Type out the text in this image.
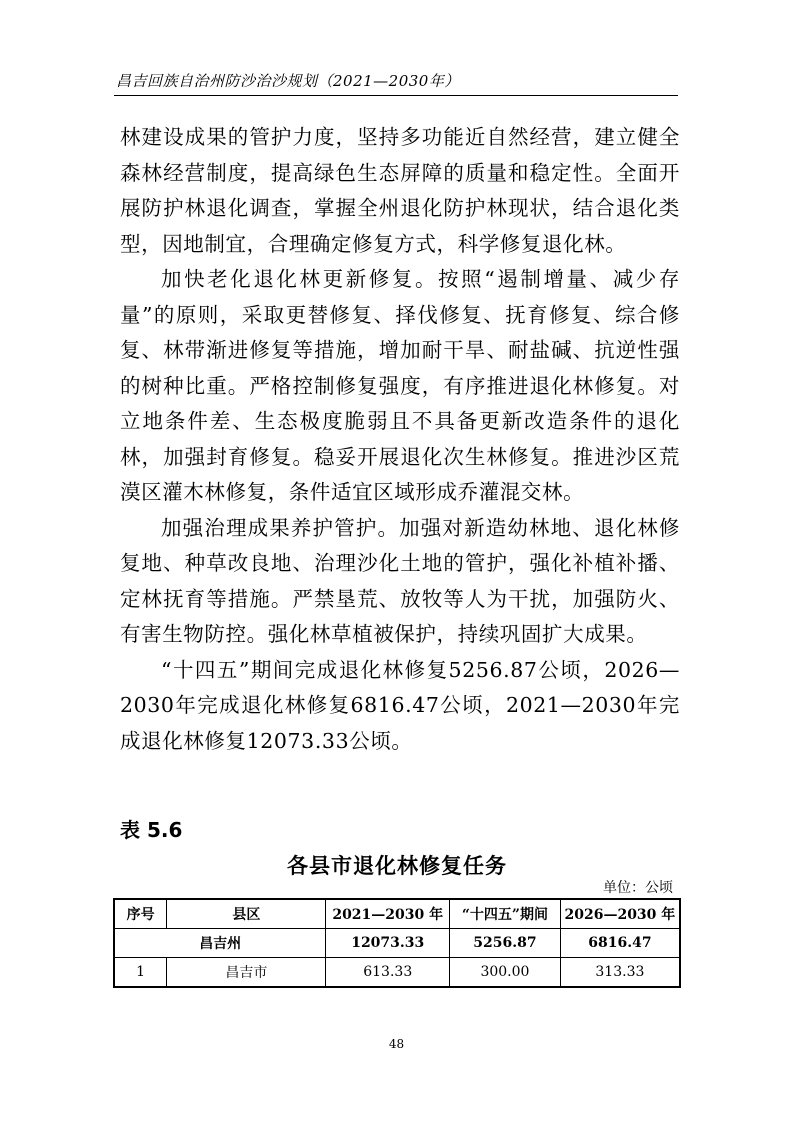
昌吉回族自治州防沙治沙规划（2021—2030年）

林建设成果的管护力度，坚持多功能近自然经营，建立健全森林经营制度，提高绿色生态屏障的质量和稳定性。全面开展防护林退化调查，掌握全州退化防护林现状，结合退化类型，因地制宜，合理确定修复方式，科学修复退化林。

加快老化退化林更新修复。按照“遏制增量、减少存量”的原则，采取更替修复、择伐修复、抚育修复、综合修复、林带渐进修复等措施，增加耐干旱、耐盐碱、抗逆性强的树种比重。严格控制修复强度，有序推进退化林修复。对立地条件差、生态极度脆弱且不具备更新改造条件的退化林，加强封育修复。稳妥开展退化次生林修复。推进沙区荒漠区灌木林修复，条件适宜区域形成乔灌混交林。

加强治理成果养护管护。加强对新造幼林地、退化林修复地、种草改良地、治理沙化土地的管护，强化补植补播、定林抚育等措施。严禁垦荒、放牧等人为干扰，加强防火、有害生物防控。强化林草植被保护，持续巩固扩大成果。

“十四五”期间完成退化林修复5256.87公顷，2026—2030年完成退化林修复6816.47公顷，2021—2030年完成退化林修复12073.33公顷。

表 5.6
各县市退化林修复任务
单位：公顷
序号	县区	2021—2030 年	“十四五”期间	2026—2030 年
昌吉州		12073.33	5256.87	6816.47
1	昌吉市	613.33	300.00	313.33
48
